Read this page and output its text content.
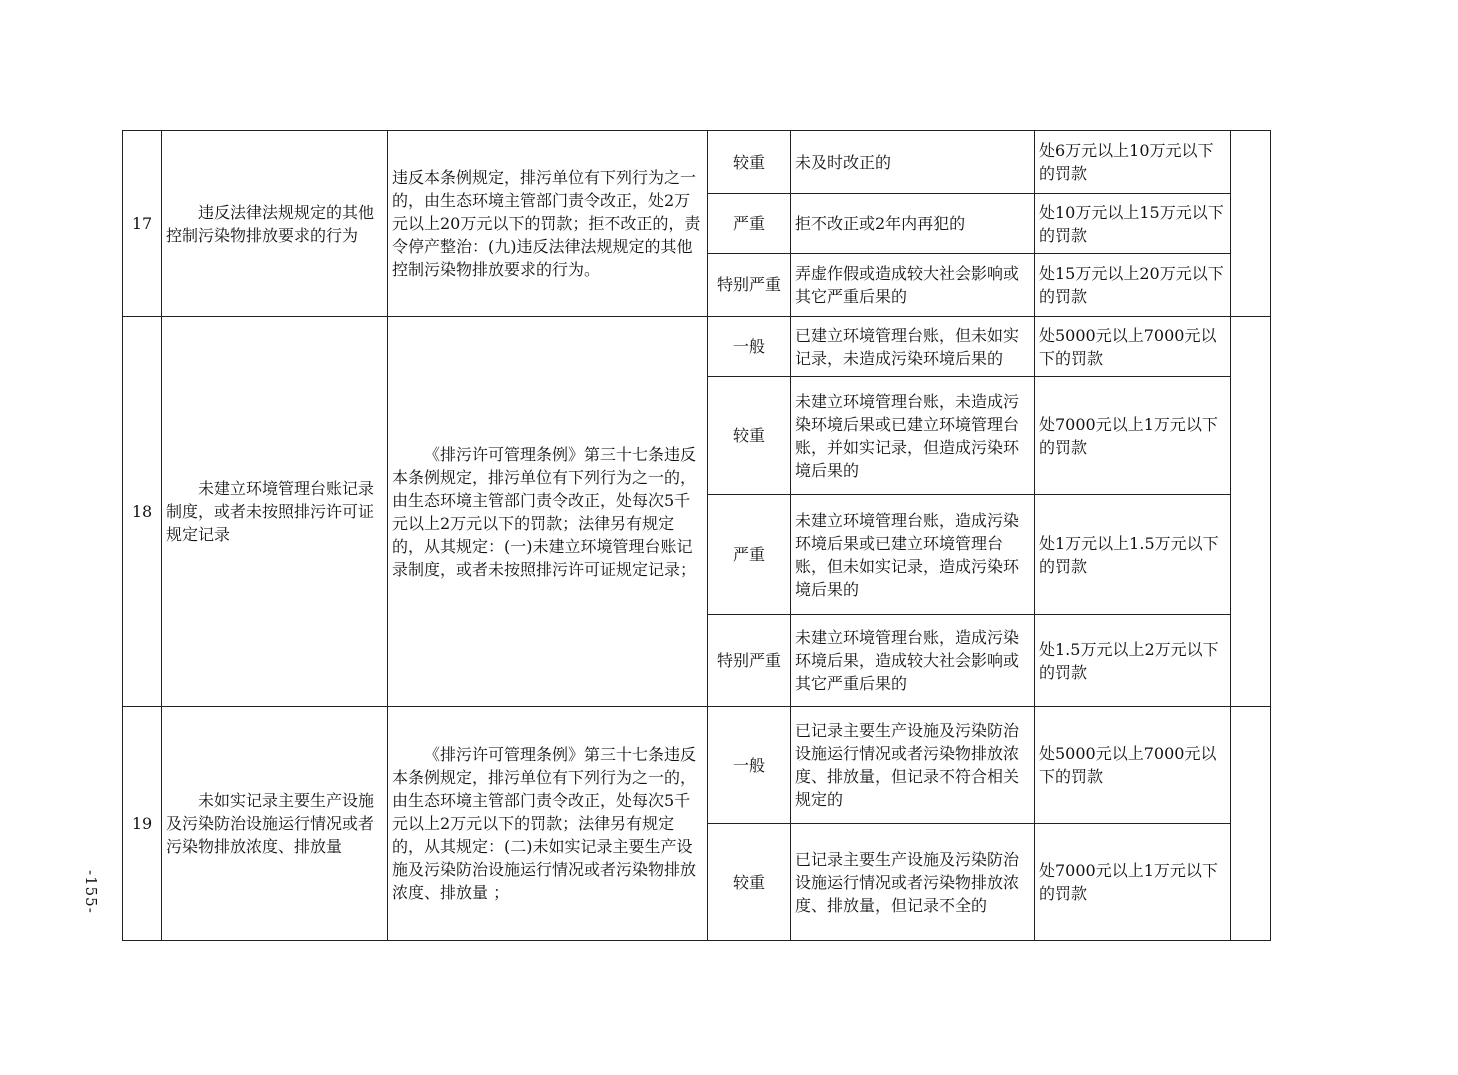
17	违反法律法规规定的其他控制污染物排放要求的行为	违反本条例规定，排污单位有下列行为之一的，由生态环境主管部门责令改正，处2万元以上20万元以下的罚款；拒不改正的，责令停产整治：(九)违反法律法规规定的其他控制污染物排放要求的行为。	较重	未及时改正的	处6万元以上10万元以下的罚款	
			严重	拒不改正或2年内再犯的	处10万元以上15万元以下的罚款	
			特别严重	弄虚作假或造成较大社会影响或其它严重后果的	处15万元以上20万元以下的罚款	
18	未建立环境管理台账记录制度，或者未按照排污许可证规定记录	《排污许可管理条例》第三十七条违反本条例规定，排污单位有下列行为之一的，由生态环境主管部门责令改正，处每次5千元以上2万元以下的罚款；法律另有规定的，从其规定：(一)未建立环境管理台账记录制度，或者未按照排污许可证规定记录；	一般	已建立环境管理台账，但未如实记录，未造成污染环境后果的	处5000元以上7000元以下的罚款	
			较重	未建立环境管理台账，未造成污染环境后果或已建立环境管理台账，并如实记录，但造成污染环境后果的	处7000元以上1万元以下的罚款	
			严重	未建立环境管理台账，造成污染环境后果或已建立环境管理台账，但未如实记录，造成污染环境后果的	处1万元以上1.5万元以下的罚款	
			特别严重	未建立环境管理台账，造成污染环境后果，造成较大社会影响或其它严重后果的	处1.5万元以上2万元以下的罚款	
19	未如实记录主要生产设施及污染防治设施运行情况或者污染物排放浓度、排放量	《排污许可管理条例》第三十七条违反本条例规定，排污单位有下列行为之一的，由生态环境主管部门责令改正，处每次5千元以上2万元以下的罚款；法律另有规定的，从其规定：(二)未如实记录主要生产设施及污染防治设施运行情况或者污染物排放浓度、排放量 ；	一般	已记录主要生产设施及污染防治设施运行情况或者污染物排放浓度、排放量，但记录不符合相关规定的	处5000元以上7000元以下的罚款	
			较重	已记录主要生产设施及污染防治设施运行情况或者污染物排放浓度、排放量，但记录不全的	处7000元以上1万元以下的罚款	
-155-
